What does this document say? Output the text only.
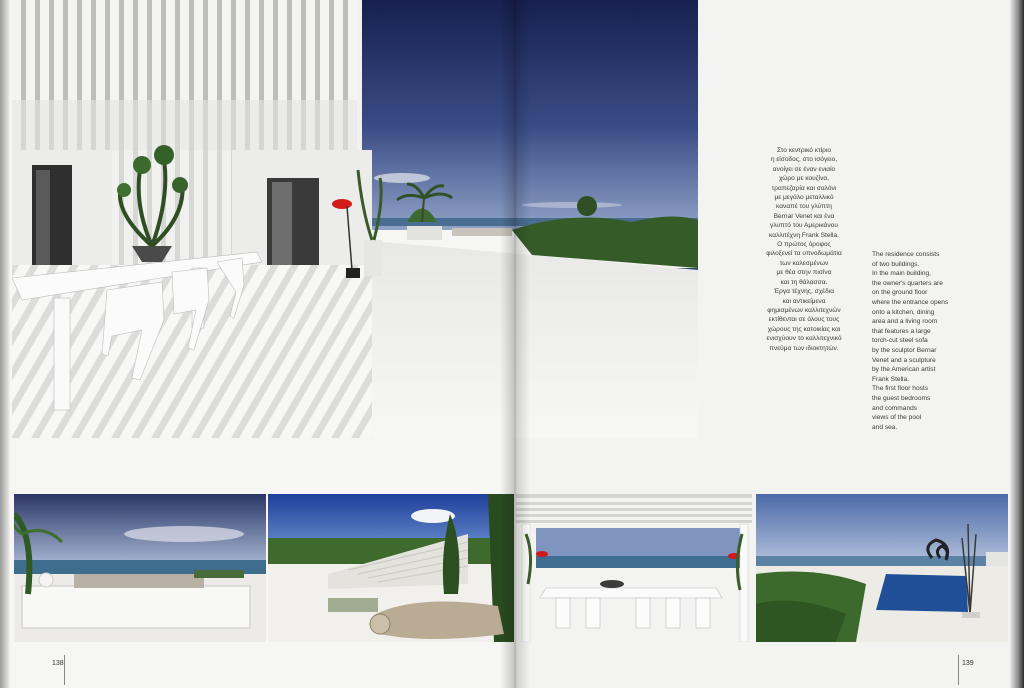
Στο κεντρικό κτίριο
η είσοδος, στο ισόγειο,
ανοίγει σε έναν ενιαίο
χώρο με κουζίνα,
τραπεζαρία και σαλόνι
με μεγάλο μεταλλικό
καναπέ του γλύπτη
Bernar Venet και ένα
γλυπτό του Αμερικάνου
καλλιτέχνη Frank Stella.
Ο πρώτος όροφος
φιλοξενεί τα υπνοδωμάτια
των καλεσμένων
με θέα στην πισίνα
και τη θάλασσα.
Έργα τέχνης, σχέδια
και αντικείμενα
φημισμένων καλλιτεχνών
εκτίθενται σε όλους τους
χώρους της κατοικίας και
ενισχύουν το καλλιτεχνικό
πνεύμα των ιδιοκτητών.

The residence consists
of two buildings.
In the main building,
the owner's quarters are
on the ground floor
where the entrance opens
onto a kitchen, dining
area and a living room
that features a large
torch-cut steel sofa
by the sculptor Bernar
Venet and a sculpture
by the American artist
Frank Stella.
The first floor hosts
the guest bedrooms
and commands
views of the pool
and sea.

138	139
